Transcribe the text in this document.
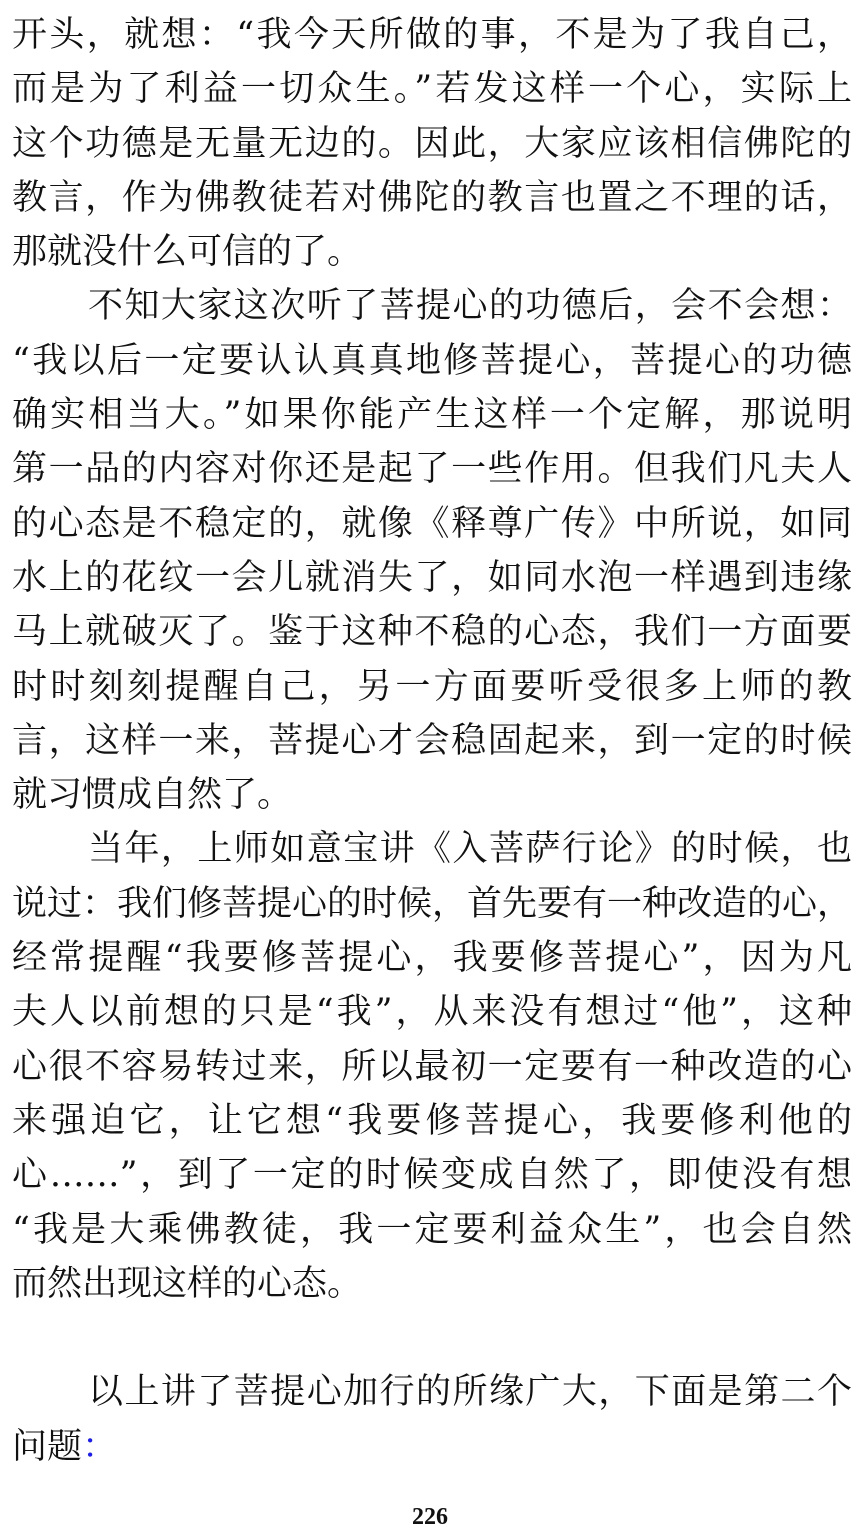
开头，就想：“我今天所做的事，不是为了我自己，
而是为了利益一切众生。”若发这样一个心，实际上
这个功德是无量无边的。因此，大家应该相信佛陀的
教言，作为佛教徒若对佛陀的教言也置之不理的话，
那就没什么可信的了。
不知大家这次听了菩提心的功德后，会不会想：
“我以后一定要认认真真地修菩提心，菩提心的功德
确实相当大。”如果你能产生这样一个定解，那说明
第一品的内容对你还是起了一些作用。但我们凡夫人
的心态是不稳定的，就像《释尊广传》中所说，如同
水上的花纹一会儿就消失了，如同水泡一样遇到违缘
马上就破灭了。鉴于这种不稳的心态，我们一方面要
时时刻刻提醒自己，另一方面要听受很多上师的教
言，这样一来，菩提心才会稳固起来，到一定的时候
就习惯成自然了。
当年，上师如意宝讲《入菩萨行论》的时候，也
说过：我们修菩提心的时候，首先要有一种改造的心，
经常提醒“我要修菩提心，我要修菩提心”，因为凡
夫人以前想的只是“我”，从来没有想过“他”，这种
心很不容易转过来，所以最初一定要有一种改造的心
来强迫它，让它想“我要修菩提心，我要修利他的
心……”，到了一定的时候变成自然了，即使没有想
“我是大乘佛教徒，我一定要利益众生”，也会自然
而然出现这样的心态。
以上讲了菩提心加行的所缘广大，下面是第二个
问题：
226
